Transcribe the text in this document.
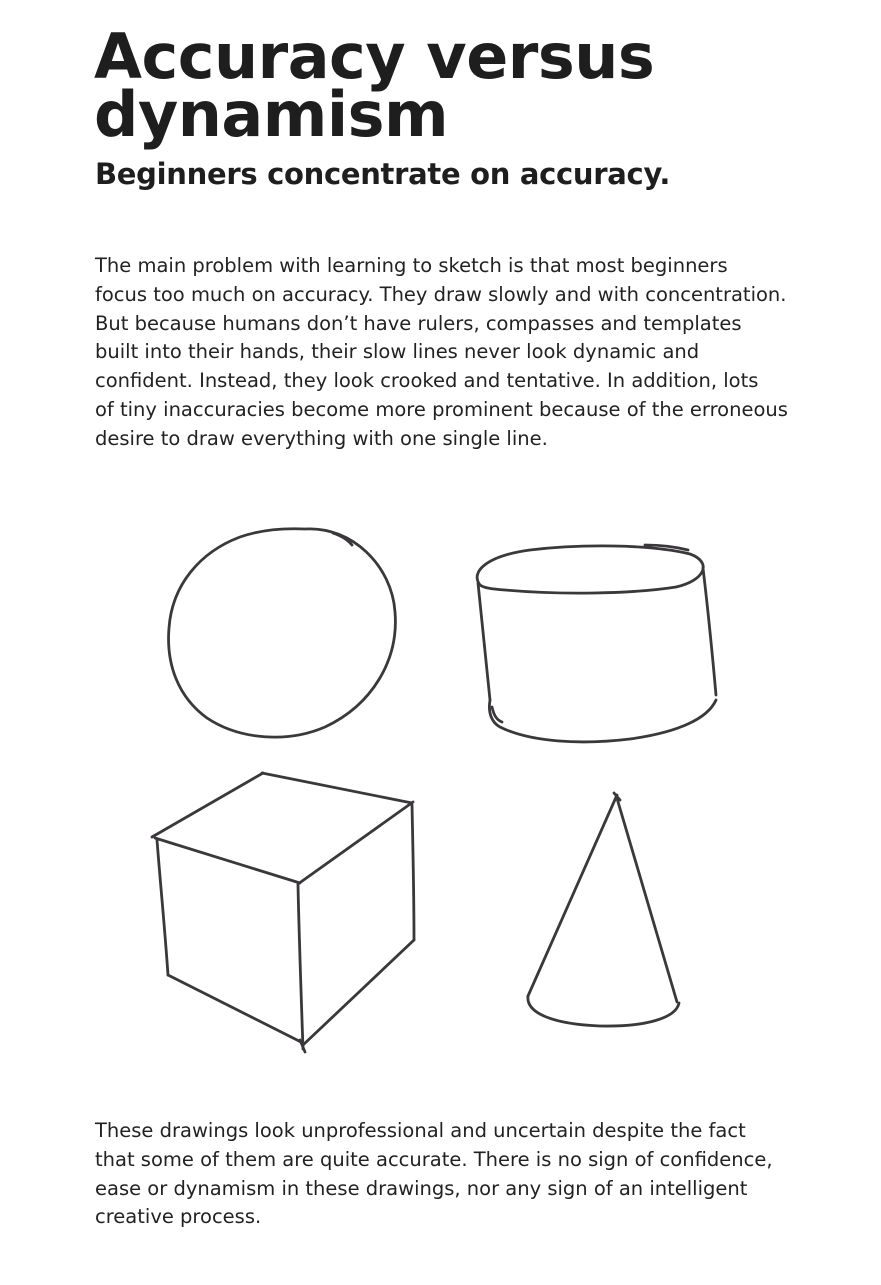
Accuracy versus
dynamism
Beginners concentrate on accuracy.

The main problem with learning to sketch is that most beginners
focus too much on accuracy. They draw slowly and with concentration.
But because humans don’t have rulers, compasses and templates
built into their hands, their slow lines never look dynamic and
confident. Instead, they look crooked and tentative. In addition, lots
of tiny inaccuracies become more prominent because of the erroneous
desire to draw everything with one single line.

These drawings look unprofessional and uncertain despite the fact
that some of them are quite accurate. There is no sign of confidence,
ease or dynamism in these drawings, nor any sign of an intelligent
creative process.
